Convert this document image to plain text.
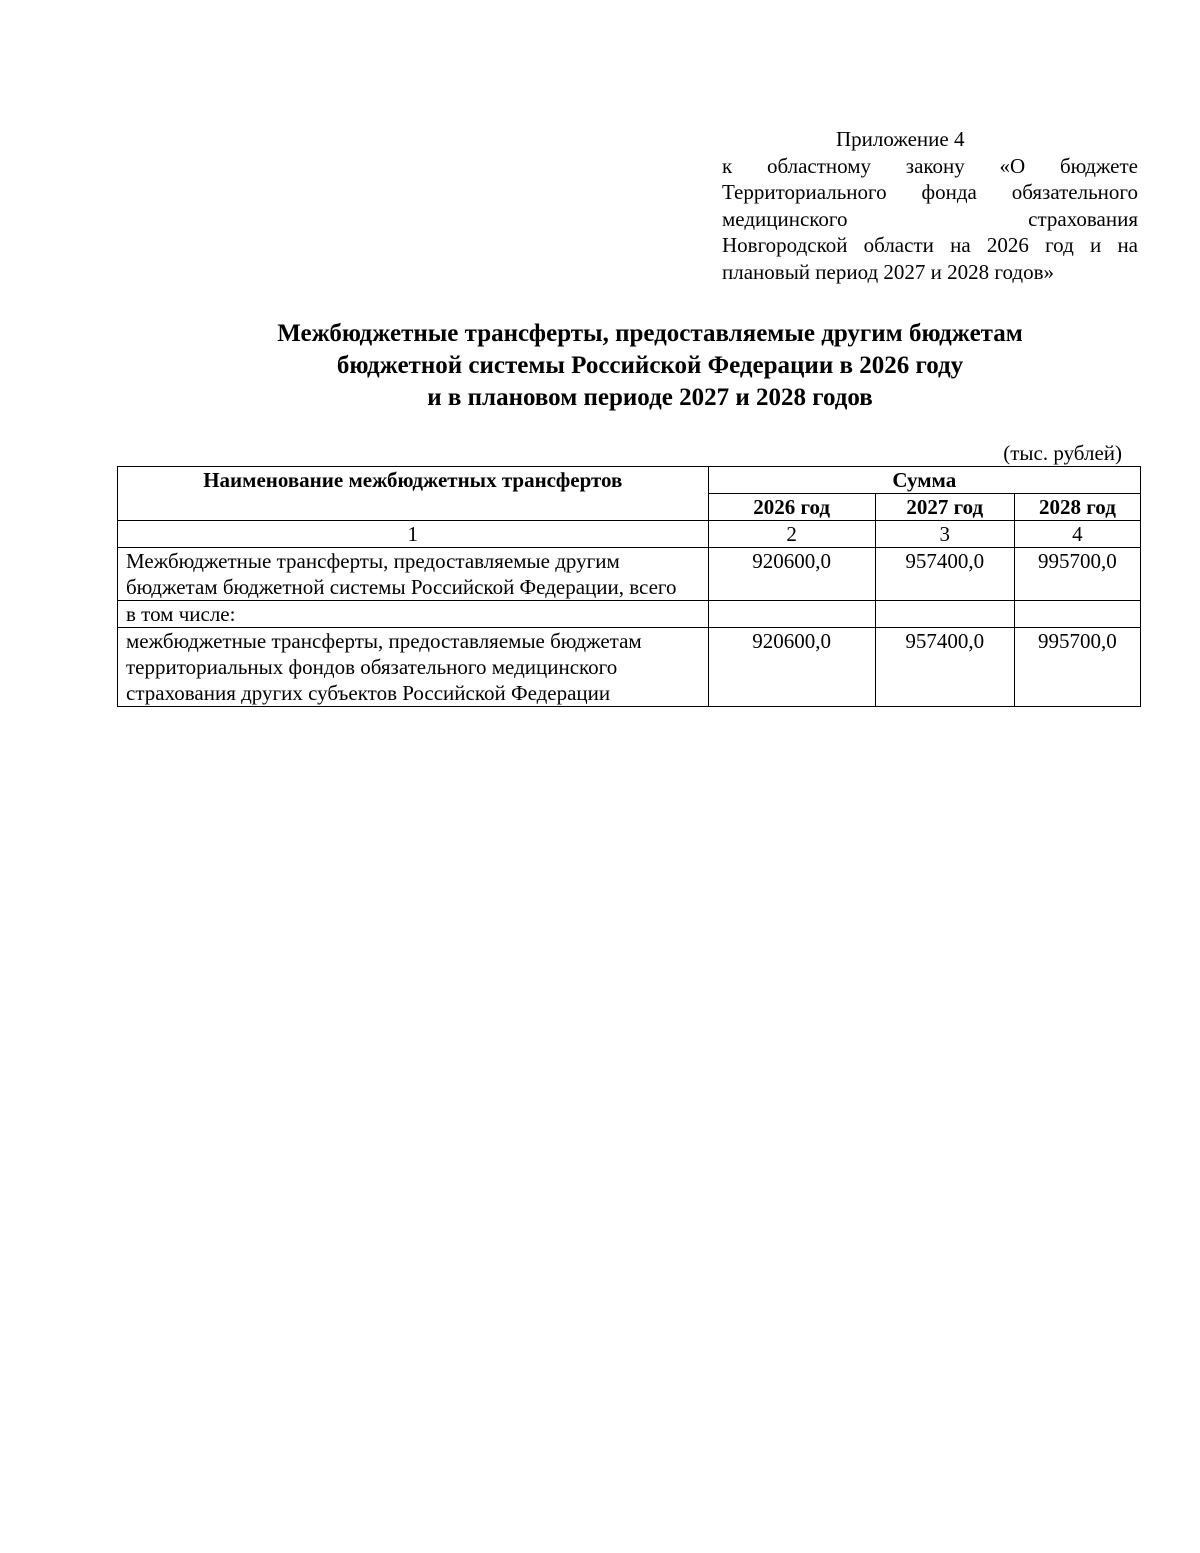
Приложение 4
к областному закону «О бюджете
Территориального фонда обязательного
медицинского страхования
Новгородской области на 2026 год и на
плановый период 2027 и 2028 годов»
Межбюджетные трансферты, предоставляемые другим бюджетам
бюджетной системы Российской Федерации в 2026 году
и в плановом периоде 2027 и 2028 годов
(тыс. рублей)
Наименование межбюджетных трансфертов	Сумма		
	2026 год	2027 год	2028 год
1	2	3	4
Межбюджетные трансферты, предоставляемые другим бюджетам бюджетной системы Российской Федерации, всего	920600,0	957400,0	995700,0
в том числе:			
межбюджетные трансферты, предоставляемые бюджетам территориальных фондов обязательного медицинского страхования других субъектов Российской Федерации	920600,0	957400,0	995700,0
